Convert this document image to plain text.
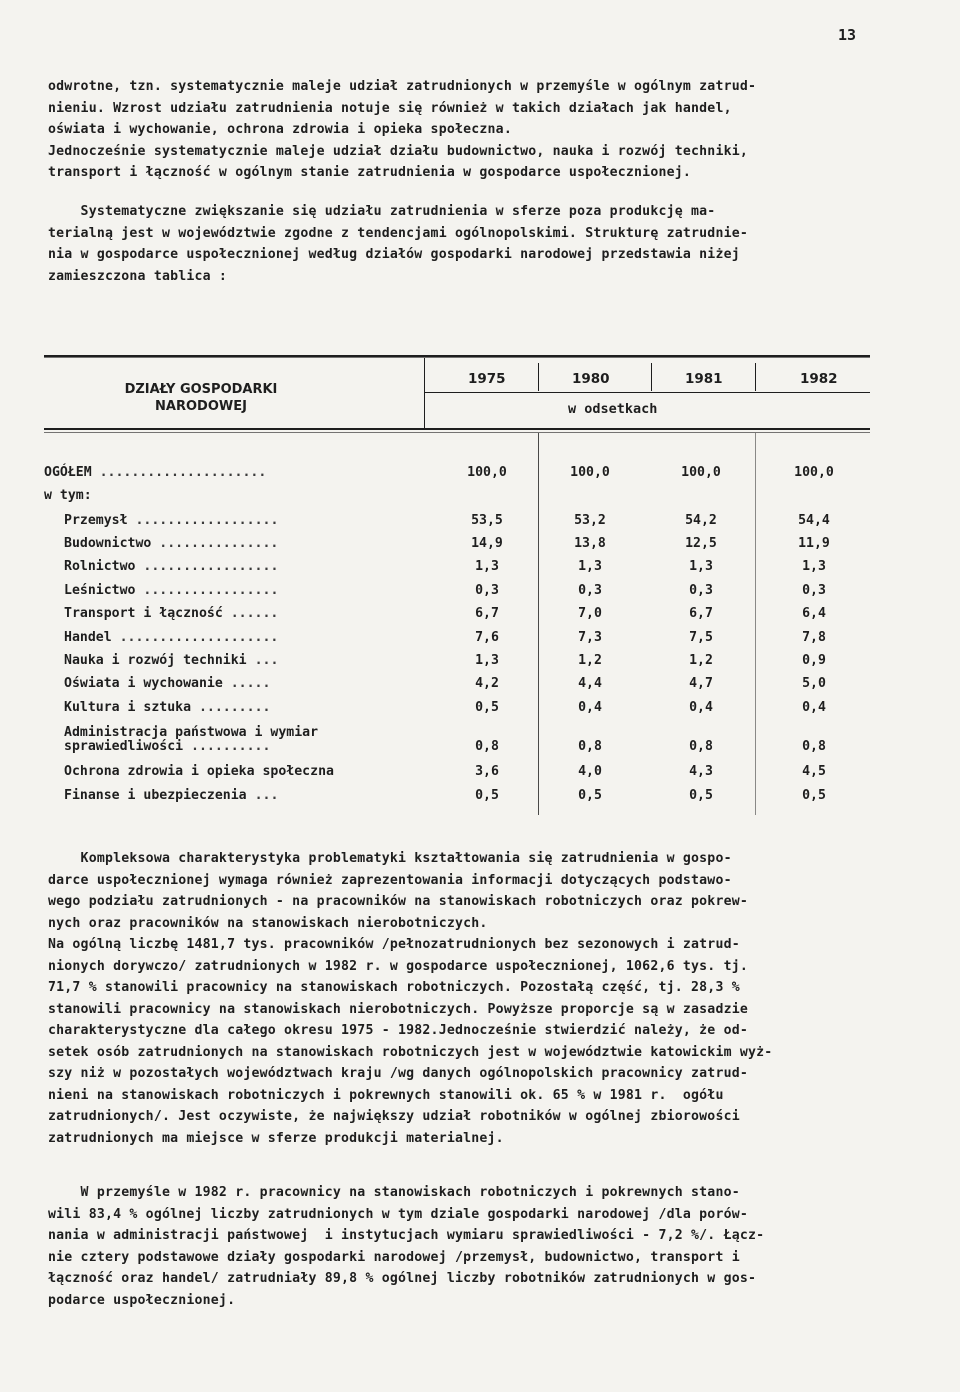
13
odwrotne, tzn. systematycznie maleje udział zatrudnionych w przemyśle w ogólnym zatrud-
nieniu. Wzrost udziału zatrudnienia notuje się również w takich działach jak handel,
oświata i wychowanie, ochrona zdrowia i opieka społeczna.
Jednocześnie systematycznie maleje udział działu budownictwo, nauka i rozwój techniki,
transport i łączność w ogólnym stanie zatrudnienia w gospodarce uspołecznionej.
Systematyczne zwiększanie się udziału zatrudnienia w sferze poza produkcję ma-
terialną jest w województwie zgodne z tendencjami ogólnopolskimi. Strukturę zatrudnie-
nia w gospodarce uspołecznionej według działów gospodarki narodowej przedstawia niżej
zamieszczona tablica :
DZIAŁY GOSPODARKI
NARODOWEJ
1975	1980	1981	1982
w odsetkach
OGÓŁEM .....................	100,0	100,0	100,0	100,0
w tym:
Przemysł ..................	53,5	53,2	54,2	54,4
Budownictwo ...............	14,9	13,8	12,5	11,9
Rolnictwo .................	1,3	1,3	1,3	1,3
Leśnictwo .................	0,3	0,3	0,3	0,3
Transport i łączność ......	6,7	7,0	6,7	6,4
Handel ....................	7,6	7,3	7,5	7,8
Nauka i rozwój techniki ...	1,3	1,2	1,2	0,9
Oświata i wychowanie .....	4,2	4,4	4,7	5,0
Kultura i sztuka .........	0,5	0,4	0,4	0,4
Administracja państwowa i wymiar
sprawiedliwości ..........	0,8	0,8	0,8	0,8
Ochrona zdrowia i opieka społeczna	3,6	4,0	4,3	4,5
Finanse i ubezpieczenia ...	0,5	0,5	0,5	0,5
Kompleksowa charakterystyka problematyki kształtowania się zatrudnienia w gospo-
darce uspołecznionej wymaga również zaprezentowania informacji dotyczących podstawo-
wego podziału zatrudnionych - na pracowników na stanowiskach robotniczych oraz pokrew-
nych oraz pracowników na stanowiskach nierobotniczych.
Na ogólną liczbę 1481,7 tys. pracowników /pełnozatrudnionych bez sezonowych i zatrud-
nionych dorywczo/ zatrudnionych w 1982 r. w gospodarce uspołecznionej, 1062,6 tys. tj.
71,7 % stanowili pracownicy na stanowiskach robotniczych. Pozostałą część, tj. 28,3 %
stanowili pracownicy na stanowiskach nierobotniczych. Powyższe proporcje są w zasadzie
charakterystyczne dla całego okresu 1975 - 1982.Jednocześnie stwierdzić należy, że od-
setek osób zatrudnionych na stanowiskach robotniczych jest w województwie katowickim wyż-
szy niż w pozostałych województwach kraju /wg danych ogólnopolskich pracownicy zatrud-
nieni na stanowiskach robotniczych i pokrewnych stanowili ok. 65 % w 1981 r.  ogółu
zatrudnionych/. Jest oczywiste, że największy udział robotników w ogólnej zbiorowości
zatrudnionych ma miejsce w sferze produkcji materialnej.
W przemyśle w 1982 r. pracownicy na stanowiskach robotniczych i pokrewnych stano-
wili 83,4 % ogólnej liczby zatrudnionych w tym dziale gospodarki narodowej /dla porów-
nania w administracji państwowej  i instytucjach wymiaru sprawiedliwości - 7,2 %/. Łącz-
nie cztery podstawowe działy gospodarki narodowej /przemysł, budownictwo, transport i
łączność oraz handel/ zatrudniały 89,8 % ogólnej liczby robotników zatrudnionych w gos-
podarce uspołecznionej.
